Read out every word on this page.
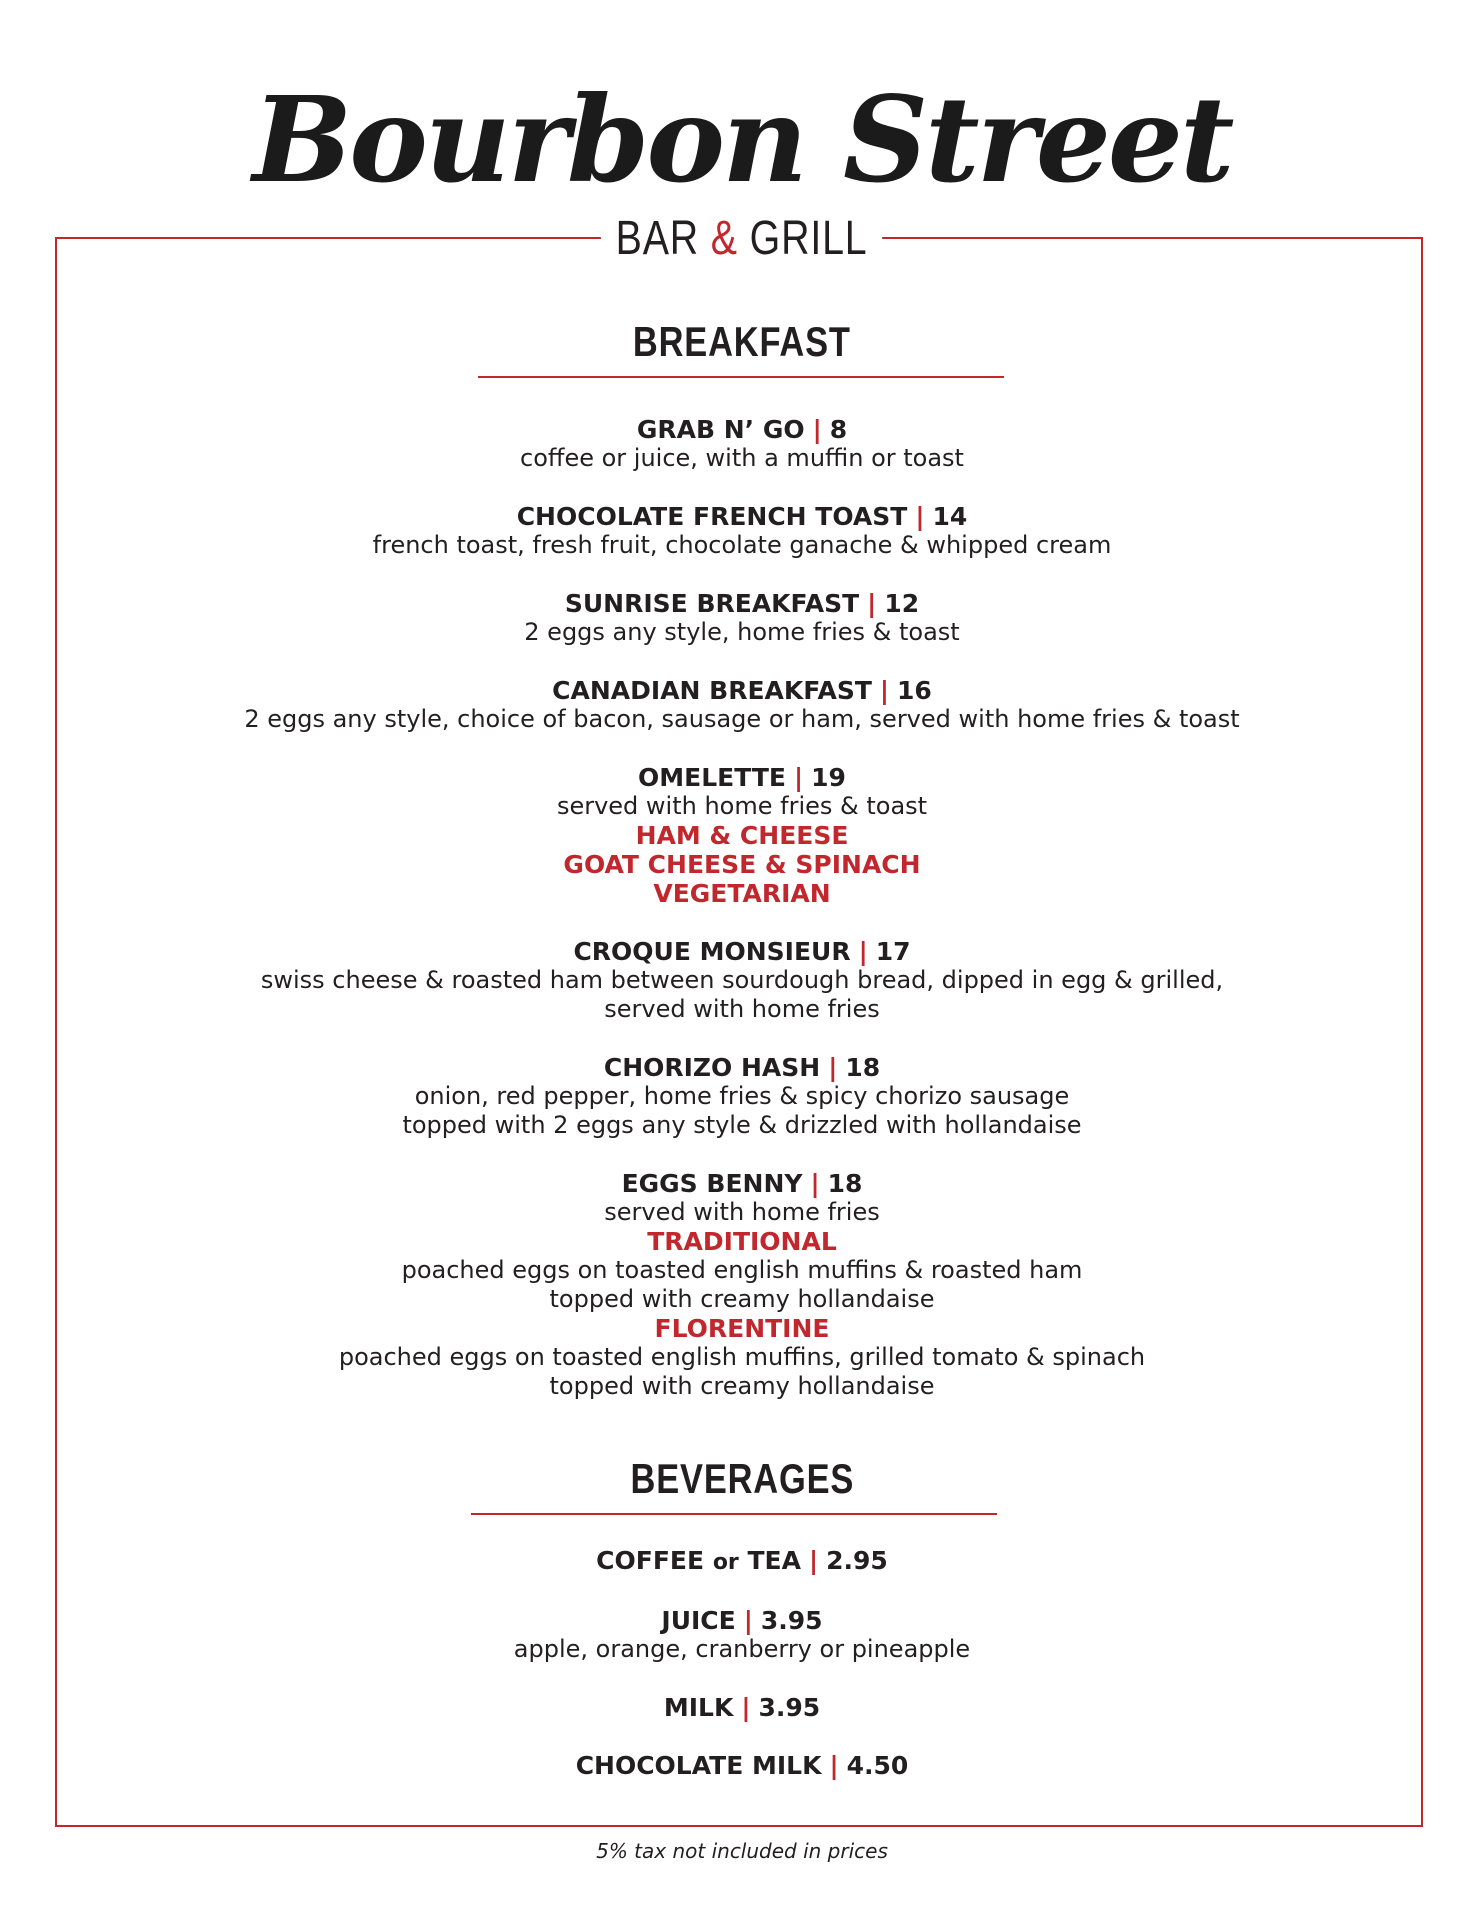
Bourbon Street
BAR & GRILL
BREAKFAST
GRAB N’ GO | 8
coffee or juice, with a muffin or toast
CHOCOLATE FRENCH TOAST | 14
french toast, fresh fruit, chocolate ganache & whipped cream
SUNRISE BREAKFAST | 12
2 eggs any style, home fries & toast
CANADIAN BREAKFAST | 16
2 eggs any style, choice of bacon, sausage or ham, served with home fries & toast
OMELETTE | 19
served with home fries & toast
HAM & CHEESE
GOAT CHEESE & SPINACH
VEGETARIAN
CROQUE MONSIEUR | 17
swiss cheese & roasted ham between sourdough bread, dipped in egg & grilled,
served with home fries
CHORIZO HASH | 18
onion, red pepper, home fries & spicy chorizo sausage
topped with 2 eggs any style & drizzled with hollandaise
EGGS BENNY | 18
served with home fries
TRADITIONAL
poached eggs on toasted english muffins & roasted ham
topped with creamy hollandaise
FLORENTINE
poached eggs on toasted english muffins, grilled tomato & spinach
topped with creamy hollandaise
BEVERAGES
COFFEE or TEA | 2.95
JUICE | 3.95
apple, orange, cranberry or pineapple
MILK | 3.95
CHOCOLATE MILK | 4.50
5% tax not included in prices
